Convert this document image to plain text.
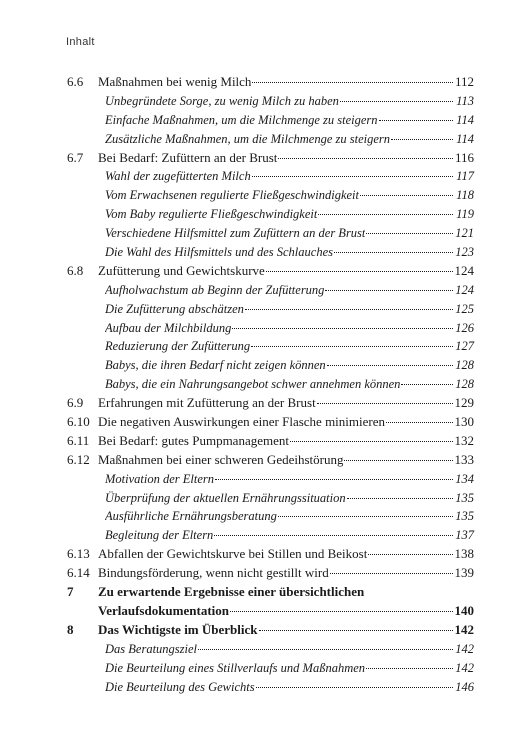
Inhalt
6.6	Maßnahmen bei wenig Milch	112
Unbegründete Sorge, zu wenig Milch zu haben	113
Einfache Maßnahmen, um die Milchmenge zu steigern	114
Zusätzliche Maßnahmen, um die Milchmenge zu steigern	114
6.7	Bei Bedarf: Zufüttern an der Brust	116
Wahl der zugefütterten Milch	117
Vom Erwachsenen regulierte Fließgeschwindigkeit	118
Vom Baby regulierte Fließgeschwindigkeit	119
Verschiedene Hilfsmittel zum Zufüttern an der Brust	121
Die Wahl des Hilfsmittels und des Schlauches	123
6.8	Zufütterung und Gewichtskurve	124
Aufholwachstum ab Beginn der Zufütterung	124
Die Zufütterung abschätzen	125
Aufbau der Milchbildung	126
Reduzierung der Zufütterung	127
Babys, die ihren Bedarf nicht zeigen können	128
Babys, die ein Nahrungsangebot schwer annehmen können	128
6.9	Erfahrungen mit Zufütterung an der Brust	129
6.10 Die negativen Auswirkungen einer Flasche minimieren	130
6.11 Bei Bedarf: gutes Pumpmanagement	132
6.12 Maßnahmen bei einer schweren Gedeihstörung	133
Motivation der Eltern	134
Überprüfung der aktuellen Ernährungssituation	135
Ausführliche Ernährungsberatung	135
Begleitung der Eltern	137
6.13 Abfallen der Gewichtskurve bei Stillen und Beikost	138
6.14 Bindungsförderung, wenn nicht gestillt wird	139
7	Zu erwartende Ergebnisse einer übersichtlichen
Verlaufsdokumentation	140
8	Das Wichtigste im Überblick	142
Das Beratungsziel	142
Die Beurteilung eines Stillverlaufs und Maßnahmen	142
Die Beurteilung des Gewichts	146
